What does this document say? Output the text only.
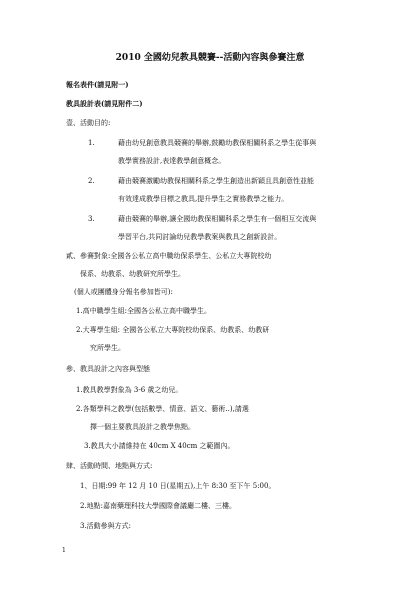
2010 全國幼兒教具競賽--活動內容與參賽注意
報名表件(請見附一)
教具設計表(請見附件二)
壹、活動目的:
1.	藉由幼兒創意教具競賽的舉辦,鼓勵幼教保相關科系之學生從事與
教學實務設計,表達教學創意概念。
2.	藉由競賽激勵幼教保相關科系之學生創造出新穎且具創意性並能
有效達成教學目標之教具,提升學生之實務教學之能力。
3.	藉由競賽的舉辦,讓全國幼教保相關科系之學生有一個相互交流與
學習平台,共同討論幼兒教學教案與教具之創新設計。
貳、參賽對象:全國各公私立高中職幼保系學生、公私立大專院校幼
保系、幼教系、幼教研究所學生。
(個人或團體身分報名參加皆可):
1.高中職學生組:全國各公私立高中職學生。
2.大專學生組: 全國各公私立大專院校幼保系、幼教系、幼教研
究所學生。
參、教具設計之內容與型態
1.教具教學對象為 3-6 歲之幼兒。
2.各類學科之教學(包括數學、情意、語文、藝術..),請選
擇一個主要教具設計之教學焦點。
3.教具大小請維持在 40cm X 40cm 之範圍內。
肆、活動時間、地點與方式:
1、日期:99 年 12 月 10 日(星期五),上午 8:30 至下午 5:00。
2.地點:嘉南藥理科技大學國際會議廳二樓、三樓。
3.活動參與方式:
1
